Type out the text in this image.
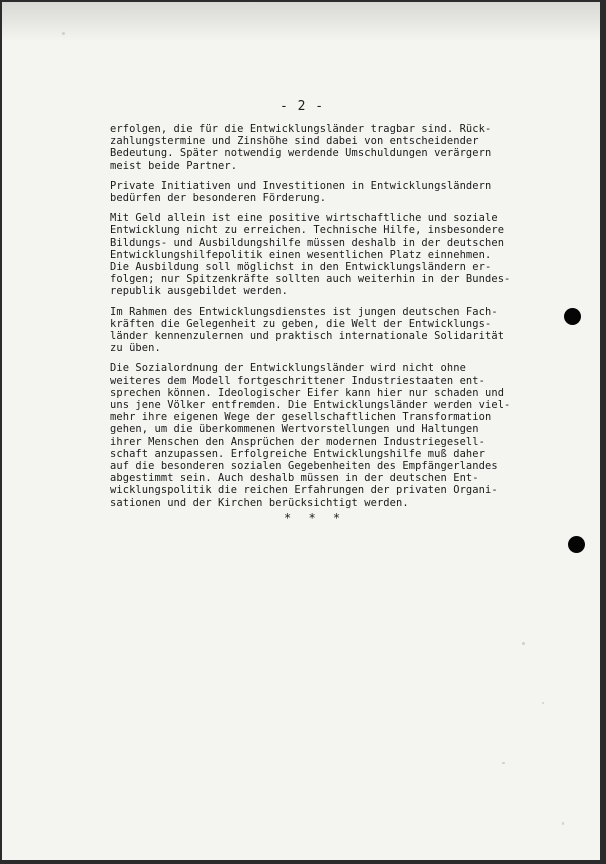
- 2 -

erfolgen, die für die Entwicklungsländer tragbar sind. Rück-
zahlungstermine und Zinshöhe sind dabei von entscheidender
Bedeutung. Später notwendig werdende Umschuldungen verärgern
meist beide Partner.

Private Initiativen und Investitionen in Entwicklungsländern
bedürfen der besonderen Förderung.

Mit Geld allein ist eine positive wirtschaftliche und soziale
Entwicklung nicht zu erreichen. Technische Hilfe, insbesondere
Bildungs- und Ausbildungshilfe müssen deshalb in der deutschen
Entwicklungshilfepolitik einen wesentlichen Platz einnehmen.
Die Ausbildung soll möglichst in den Entwicklungsländern er-
folgen; nur Spitzenkräfte sollten auch weiterhin in der Bundes-
republik ausgebildet werden.

Im Rahmen des Entwicklungsdienstes ist jungen deutschen Fach-
kräften die Gelegenheit zu geben, die Welt der Entwicklungs-
länder kennenzulernen und praktisch internationale Solidarität
zu üben.

Die Sozialordnung der Entwicklungsländer wird nicht ohne
weiteres dem Modell fortgeschrittener Industriestaaten ent-
sprechen können. Ideologischer Eifer kann hier nur schaden und
uns jene Völker entfremden. Die Entwicklungsländer werden viel-
mehr ihre eigenen Wege der gesellschaftlichen Transformation
gehen, um die überkommenen Wertvorstellungen und Haltungen
ihrer Menschen den Ansprüchen der modernen Industriegesell-
schaft anzupassen. Erfolgreiche Entwicklungshilfe muß daher
auf die besonderen sozialen Gegebenheiten des Empfängerlandes
abgestimmt sein. Auch deshalb müssen in der deutschen Ent-
wicklungspolitik die reichen Erfahrungen der privaten Organi-
sationen und der Kirchen berücksichtigt werden.

* * *
